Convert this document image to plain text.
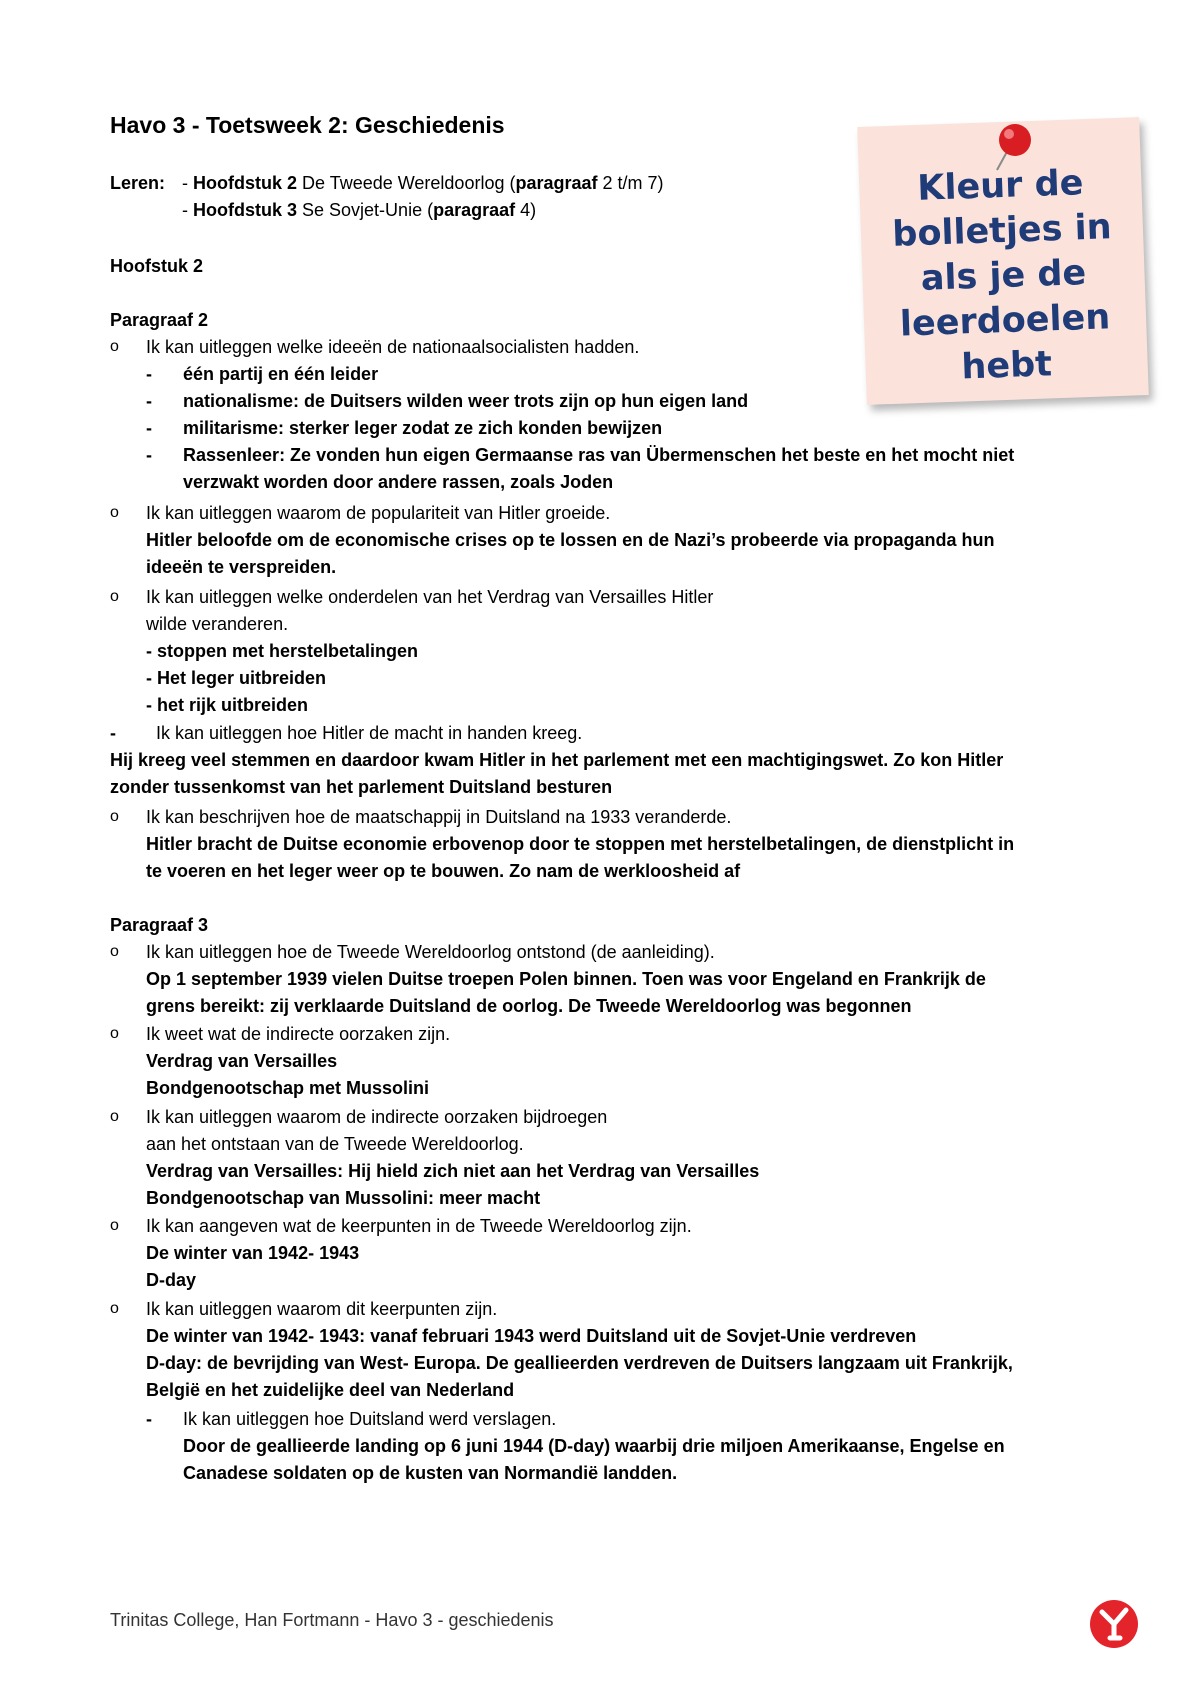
Havo 3 - Toetsweek 2: Geschiedenis
Leren: - Hoofdstuk 2 De Tweede Wereldoorlog (paragraaf 2 t/m 7)
- Hoofdstuk 3 Se Sovjet-Unie (paragraaf 4)
Hoofstuk 2
Paragraaf 2
o Ik kan uitleggen welke ideeën de nationaalsocialisten hadden.
- één partij en één leider
- nationalisme: de Duitsers wilden weer trots zijn op hun eigen land
- militarisme: sterker leger zodat ze zich konden bewijzen
- Rassenleer: Ze vonden hun eigen Germaanse ras van Übermenschen het beste en het mocht niet
verzwakt worden door andere rassen, zoals Joden
o Ik kan uitleggen waarom de populariteit van Hitler groeide.
Hitler beloofde om de economische crises op te lossen en de Nazi’s probeerde via propaganda hun
ideeën te verspreiden.
o Ik kan uitleggen welke onderdelen van het Verdrag van Versailles Hitler
wilde veranderen.
- stoppen met herstelbetalingen
- Het leger uitbreiden
- het rijk uitbreiden
- Ik kan uitleggen hoe Hitler de macht in handen kreeg.
Hij kreeg veel stemmen en daardoor kwam Hitler in het parlement met een machtigingswet. Zo kon Hitler
zonder tussenkomst van het parlement Duitsland besturen
o Ik kan beschrijven hoe de maatschappij in Duitsland na 1933 veranderde.
Hitler bracht de Duitse economie erbovenop door te stoppen met herstelbetalingen, de dienstplicht in
te voeren en het leger weer op te bouwen. Zo nam de werkloosheid af
Paragraaf 3
o Ik kan uitleggen hoe de Tweede Wereldoorlog ontstond (de aanleiding).
Op 1 september 1939 vielen Duitse troepen Polen binnen. Toen was voor Engeland en Frankrijk de
grens bereikt: zij verklaarde Duitsland de oorlog. De Tweede Wereldoorlog was begonnen
o Ik weet wat de indirecte oorzaken zijn.
Verdrag van Versailles
Bondgenootschap met Mussolini
o Ik kan uitleggen waarom de indirecte oorzaken bijdroegen
aan het ontstaan van de Tweede Wereldoorlog.
Verdrag van Versailles: Hij hield zich niet aan het Verdrag van Versailles
Bondgenootschap van Mussolini: meer macht
o Ik kan aangeven wat de keerpunten in de Tweede Wereldoorlog zijn.
De winter van 1942- 1943
D-day
o Ik kan uitleggen waarom dit keerpunten zijn.
De winter van 1942- 1943: vanaf februari 1943 werd Duitsland uit de Sovjet-Unie verdreven
D-day: de bevrijding van West- Europa. De geallieerden verdreven de Duitsers langzaam uit Frankrijk,
België en het zuidelijke deel van Nederland
- Ik kan uitleggen hoe Duitsland werd verslagen.
Door de geallieerde landing op 6 juni 1944 (D-day) waarbij drie miljoen Amerikaanse, Engelse en
Canadese soldaten op de kusten van Normandië landden.
Kleur de
bolletjes in
als je de
leerdoelen
hebt
Trinitas College, Han Fortmann - Havo 3 - geschiedenis
